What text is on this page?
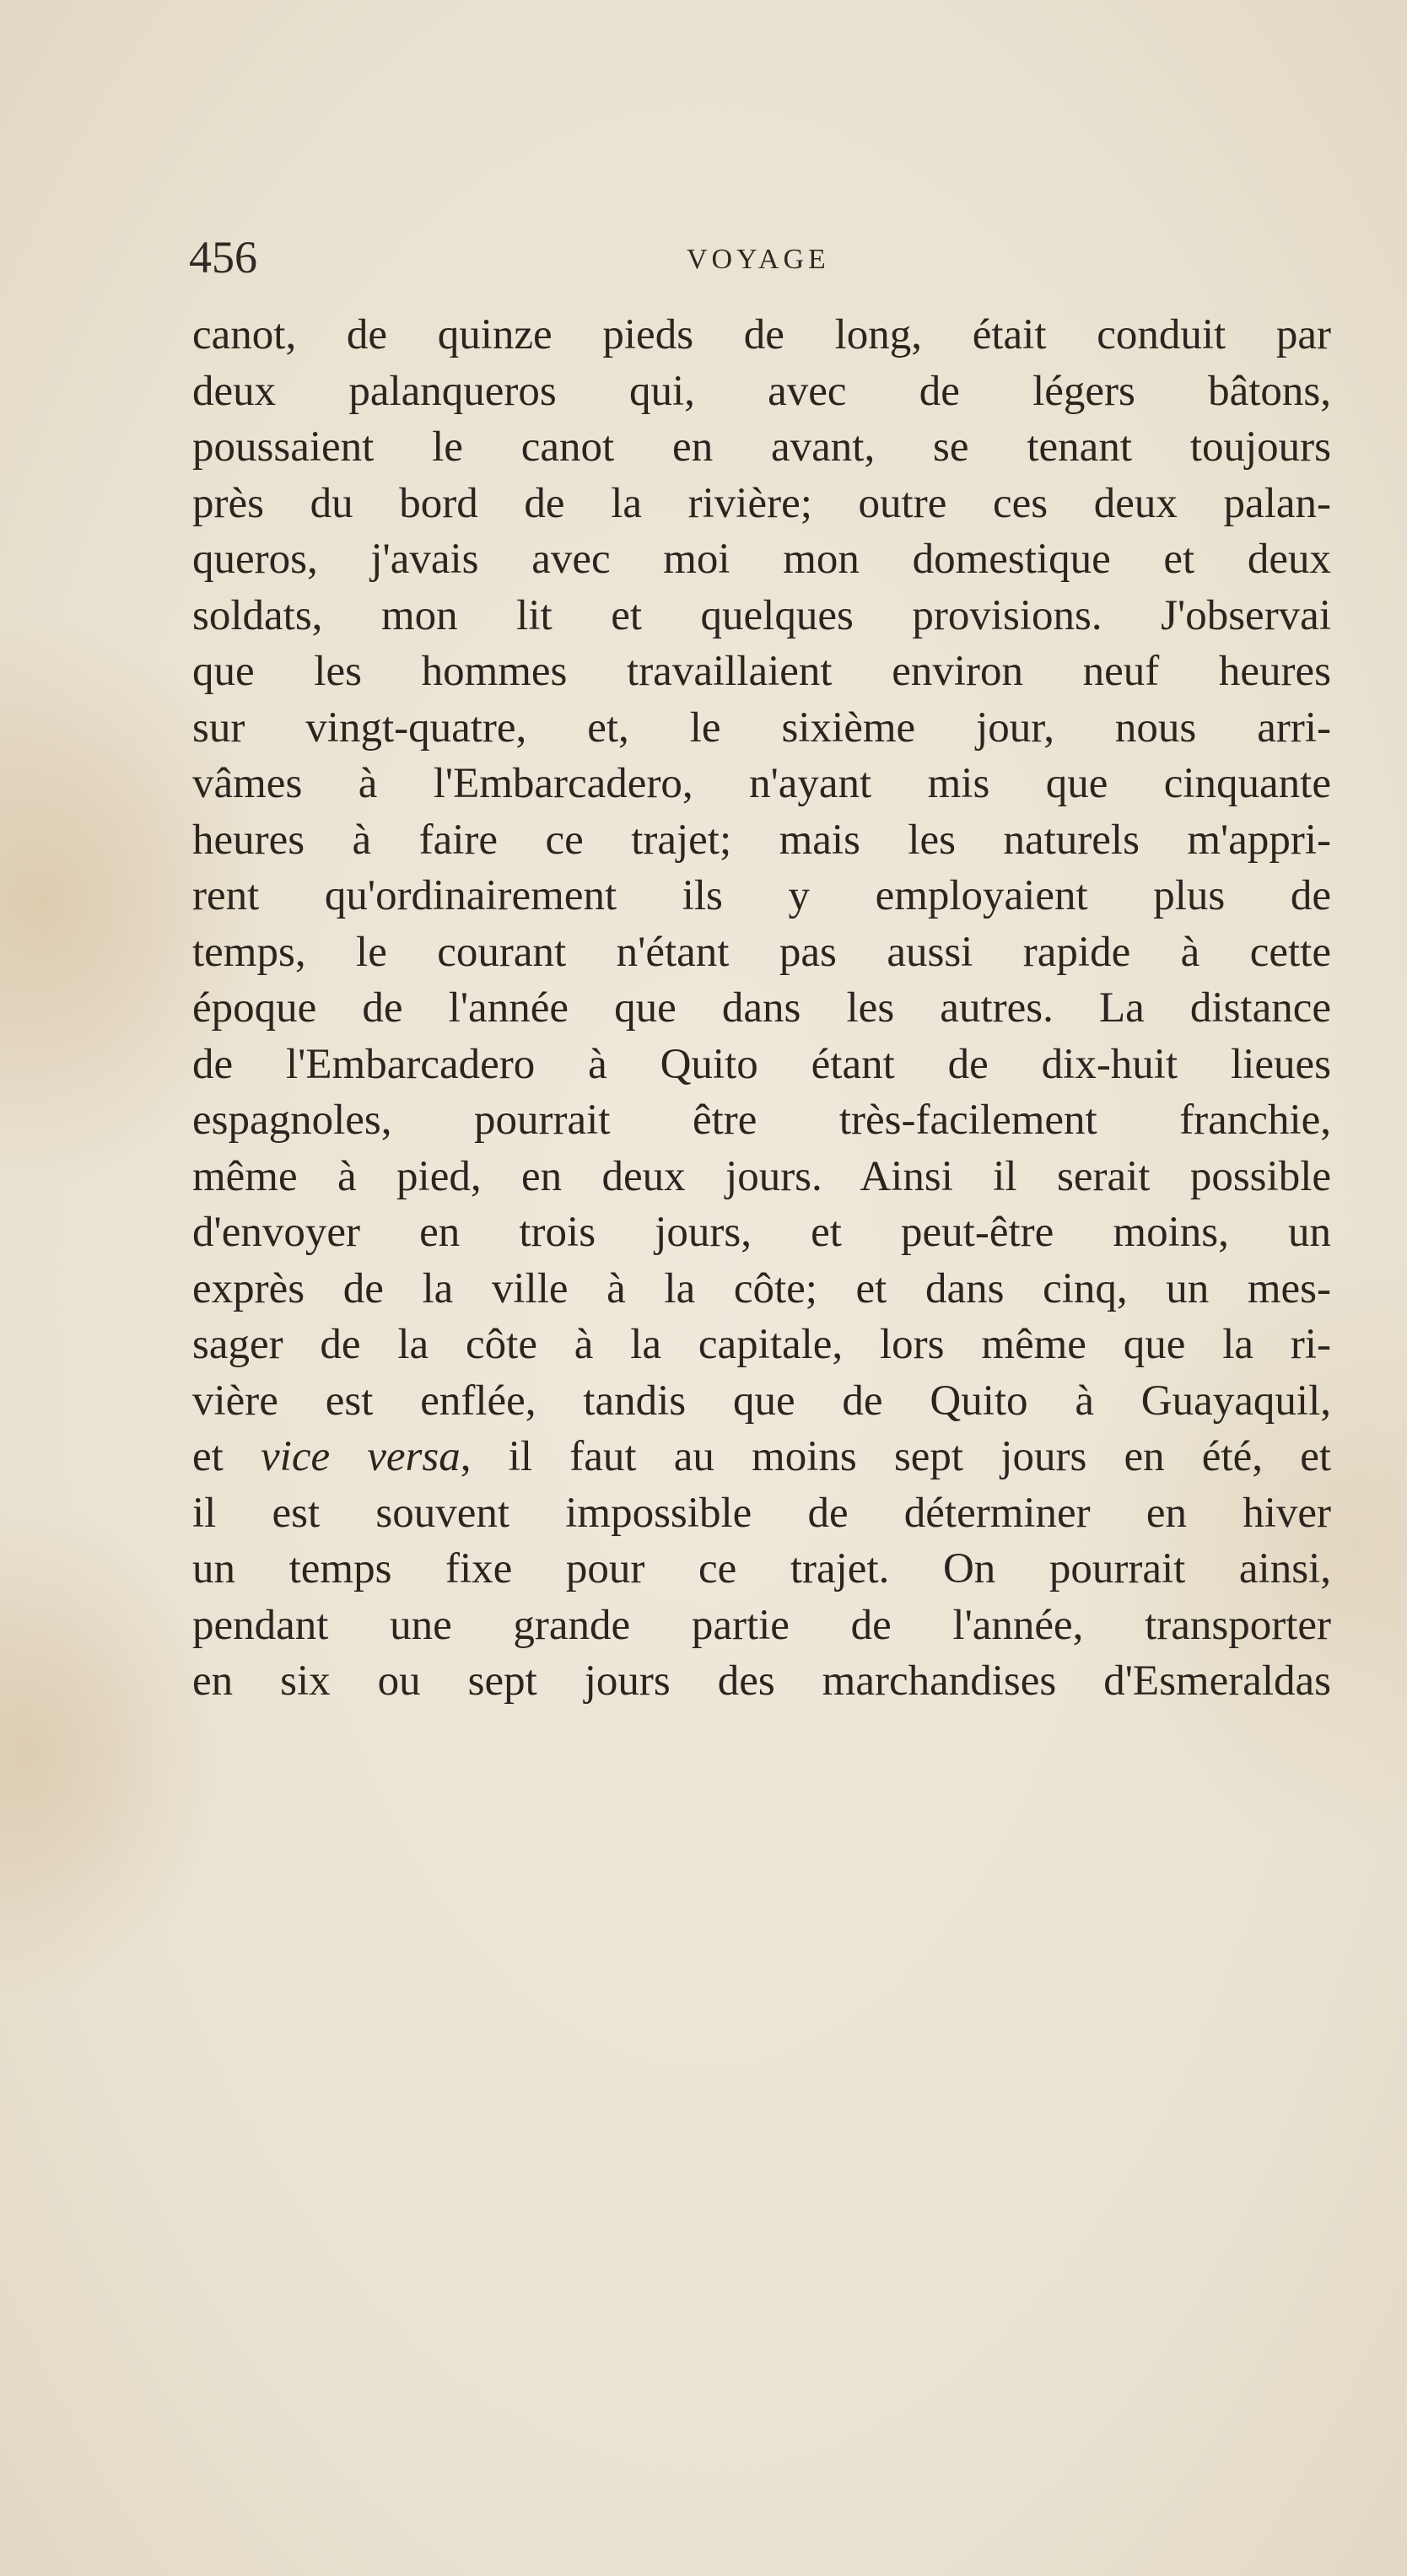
456	VOYAGE
canot, de quinze pieds de long, était conduit par
deux palanqueros qui, avec de légers bâtons,
poussaient le canot en avant, se tenant toujours
près du bord de la rivière; outre ces deux palan-
queros, j'avais avec moi mon domestique et deux
soldats, mon lit et quelques provisions. J'observai
que les hommes travaillaient environ neuf heures
sur vingt-quatre, et, le sixième jour, nous arri-
vâmes à l'Embarcadero, n'ayant mis que cinquante
heures à faire ce trajet; mais les naturels m'appri-
rent qu'ordinairement ils y employaient plus de
temps, le courant n'étant pas aussi rapide à cette
époque de l'année que dans les autres. La distance
de l'Embarcadero à Quito étant de dix-huit lieues
espagnoles, pourrait être très-facilement franchie,
même à pied, en deux jours. Ainsi il serait possible
d'envoyer en trois jours, et peut-être moins, un
exprès de la ville à la côte; et dans cinq, un mes-
sager de la côte à la capitale, lors même que la ri-
vière est enflée, tandis que de Quito à Guayaquil,
et vice versa, il faut au moins sept jours en été, et
il est souvent impossible de déterminer en hiver
un temps fixe pour ce trajet. On pourrait ainsi,
pendant une grande partie de l'année, transporter
en six ou sept jours des marchandises d'Esmeraldas
